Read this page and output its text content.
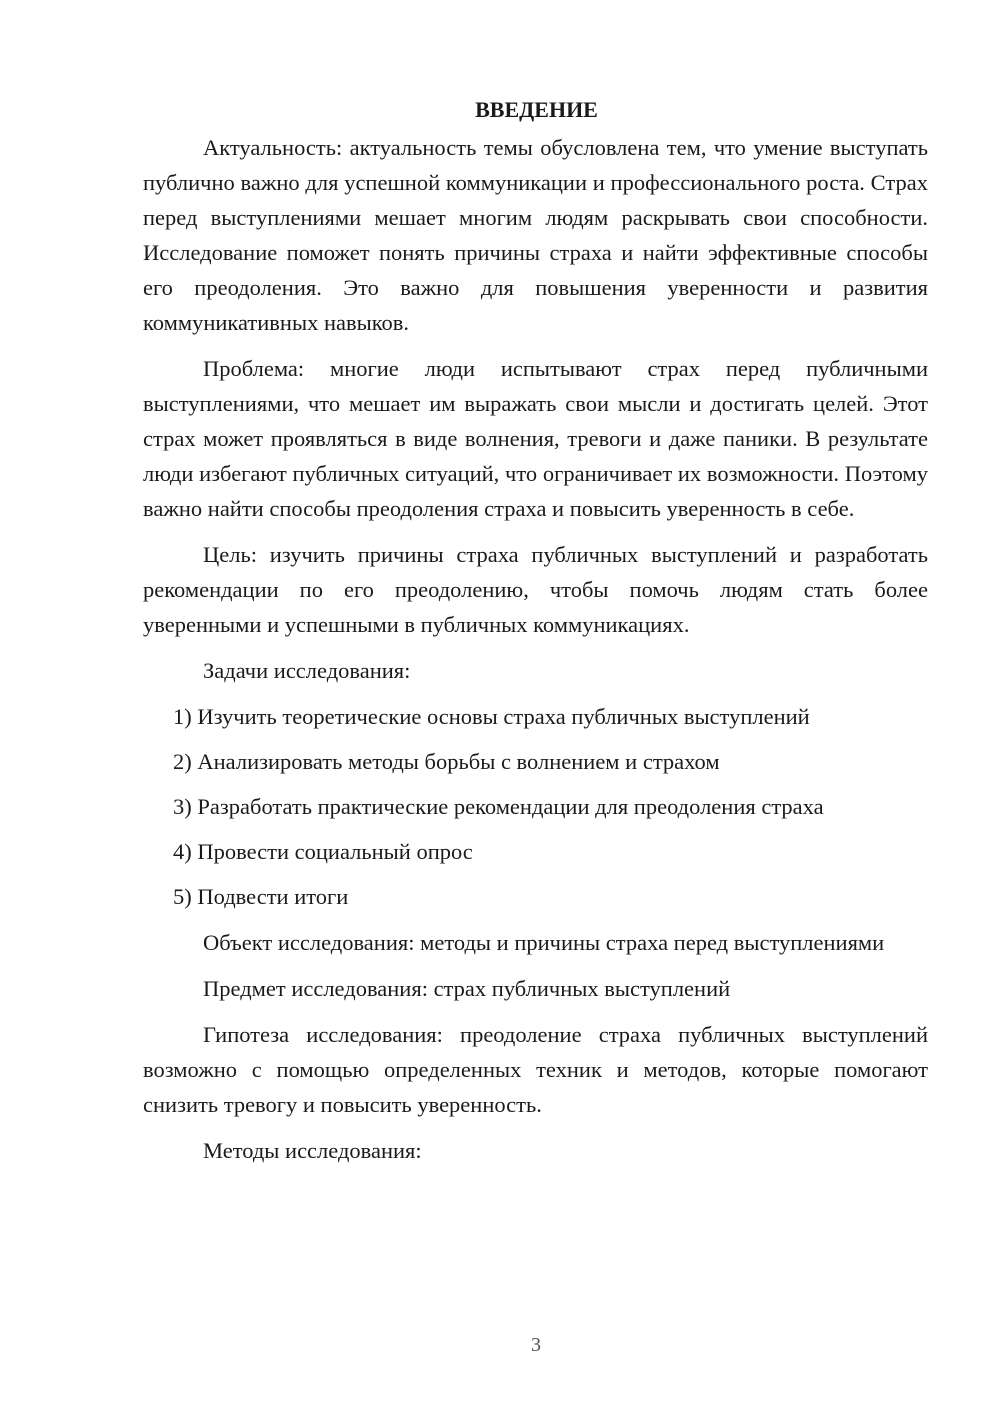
ВВЕДЕНИЕ

Актуальность: актуальность темы обусловлена тем, что умение выступать публично важно для успешной коммуникации и профессионального роста. Страх перед выступлениями мешает многим людям раскрывать свои способности. Исследование поможет понять причины страха и найти эффективные способы его преодоления. Это важно для повышения уверенности и развития коммуникативных навыков.

Проблема: многие люди испытывают страх перед публичными выступлениями, что мешает им выражать свои мысли и достигать целей. Этот страх может проявляться в виде волнения, тревоги и даже паники. В результате люди избегают публичных ситуаций, что ограничивает их возможности. Поэтому важно найти способы преодоления страха и повысить уверенность в себе.

Цель: изучить причины страха публичных выступлений и разработать рекомендации по его преодолению, чтобы помочь людям стать более уверенными и успешными в публичных коммуникациях.

Задачи исследования:
1) Изучить теоретические основы страха публичных выступлений
2) Анализировать методы борьбы с волнением и страхом
3) Разработать практические рекомендации для преодоления страха
4) Провести социальный опрос
5) Подвести итоги

Объект исследования: методы и причины страха перед выступлениями

Предмет исследования: страх публичных выступлений

Гипотеза исследования: преодоление страха публичных выступлений возможно с помощью определенных техник и методов, которые помогают снизить тревогу и повысить уверенность.

Методы исследования:
3
